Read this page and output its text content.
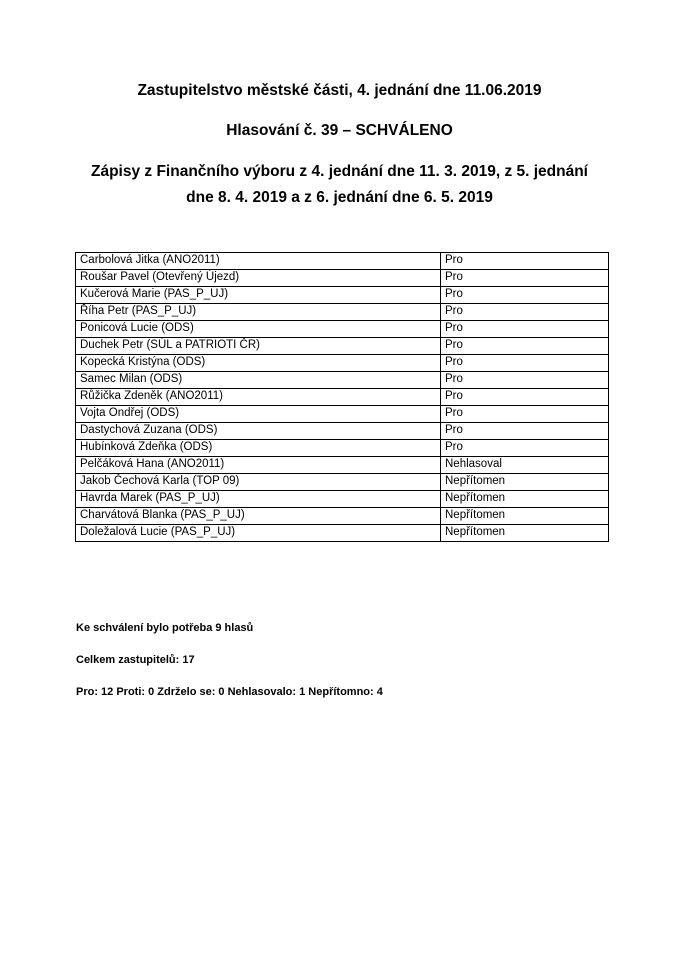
Zastupitelstvo městské části, 4. jednání dne 11.06.2019
Hlasování č. 39 – SCHVÁLENO
Zápisy z Finančního výboru z 4. jednání dne 11. 3. 2019, z 5. jednání
dne 8. 4. 2019 a z 6. jednání dne 6. 5. 2019
Carbolová Jitka (ANO2011)	Pro
Roušar Pavel (Otevřený Újezd)	Pro
Kučerová Marie (PAS_P_UJ)	Pro
Říha Petr (PAS_P_UJ)	Pro
Ponicová Lucie (ODS)	Pro
Duchek Petr (SÚL a PATRIOTI ČR)	Pro
Kopecká Kristýna (ODS)	Pro
Samec Milan (ODS)	Pro
Růžička Zdeněk (ANO2011)	Pro
Vojta Ondřej (ODS)	Pro
Dastychová Zuzana (ODS)	Pro
Hubínková Zdeňka (ODS)	Pro
Pelčáková Hana (ANO2011)	Nehlasoval
Jakob Čechová Karla (TOP 09)	Nepřítomen
Havrda Marek (PAS_P_UJ)	Nepřítomen
Charvátová Blanka (PAS_P_UJ)	Nepřítomen
Doležalová Lucie (PAS_P_UJ)	Nepřítomen

Ke schválení bylo potřeba 9 hlasů

Celkem zastupitelů: 17

Pro: 12 Proti: 0 Zdrželo se: 0 Nehlasovalo: 1 Nepřítomno: 4
